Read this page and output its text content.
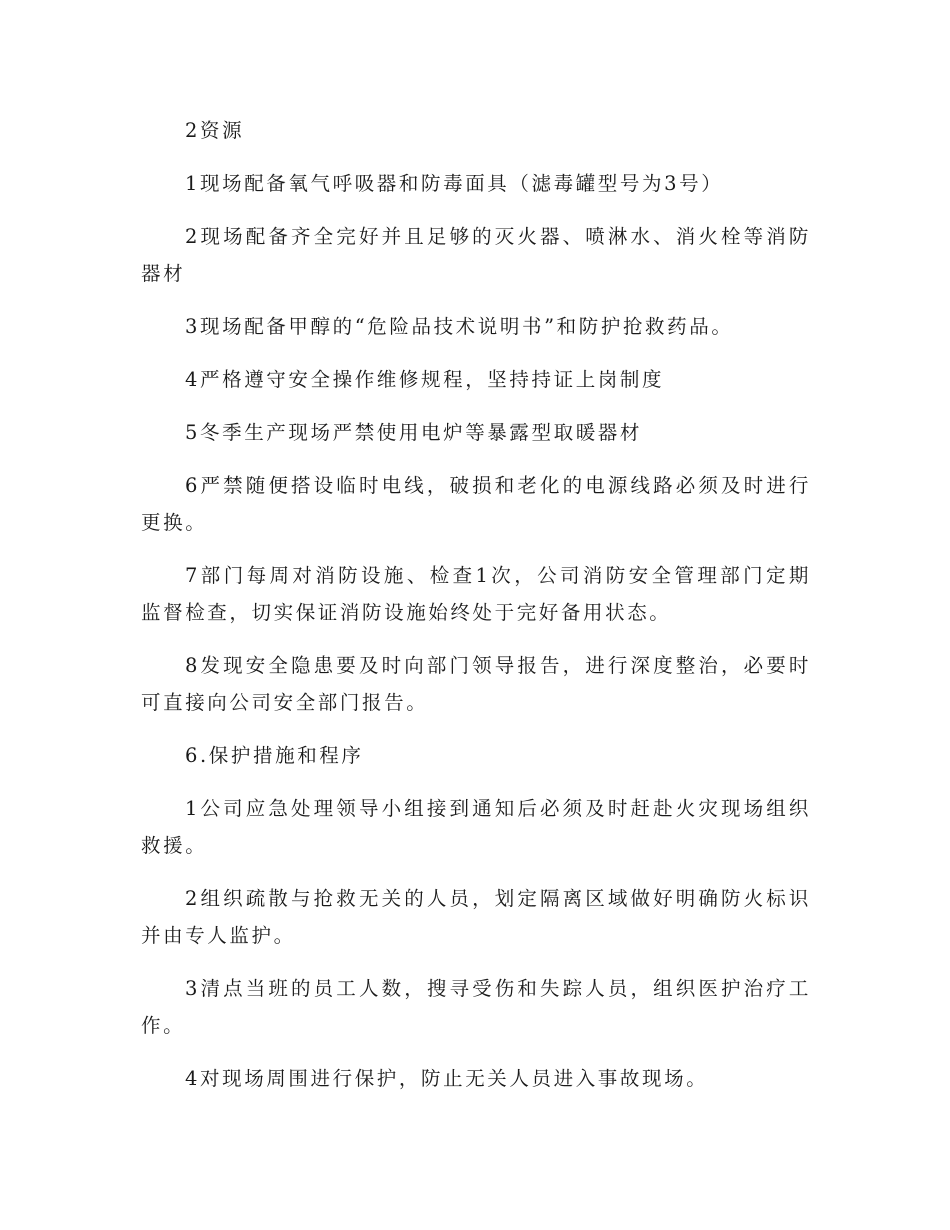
2资源

1现场配备氧气呼吸器和防毒面具（滤毒罐型号为3号）

2现场配备齐全完好并且足够的灭火器、喷淋水、消火栓等消防器材

3现场配备甲醇的“危险品技术说明书”和防护抢救药品。

4严格遵守安全操作维修规程，坚持持证上岗制度

5冬季生产现场严禁使用电炉等暴露型取暖器材

6严禁随便搭设临时电线，破损和老化的电源线路必须及时进行更换。

7部门每周对消防设施、检查1次，公司消防安全管理部门定期监督检查，切实保证消防设施始终处于完好备用状态。

8发现安全隐患要及时向部门领导报告，进行深度整治，必要时可直接向公司安全部门报告。

6.保护措施和程序

1公司应急处理领导小组接到通知后必须及时赶赴火灾现场组织救援。

2组织疏散与抢救无关的人员，划定隔离区域做好明确防火标识并由专人监护。

3清点当班的员工人数，搜寻受伤和失踪人员，组织医护治疗工作。

4对现场周围进行保护，防止无关人员进入事故现场。
